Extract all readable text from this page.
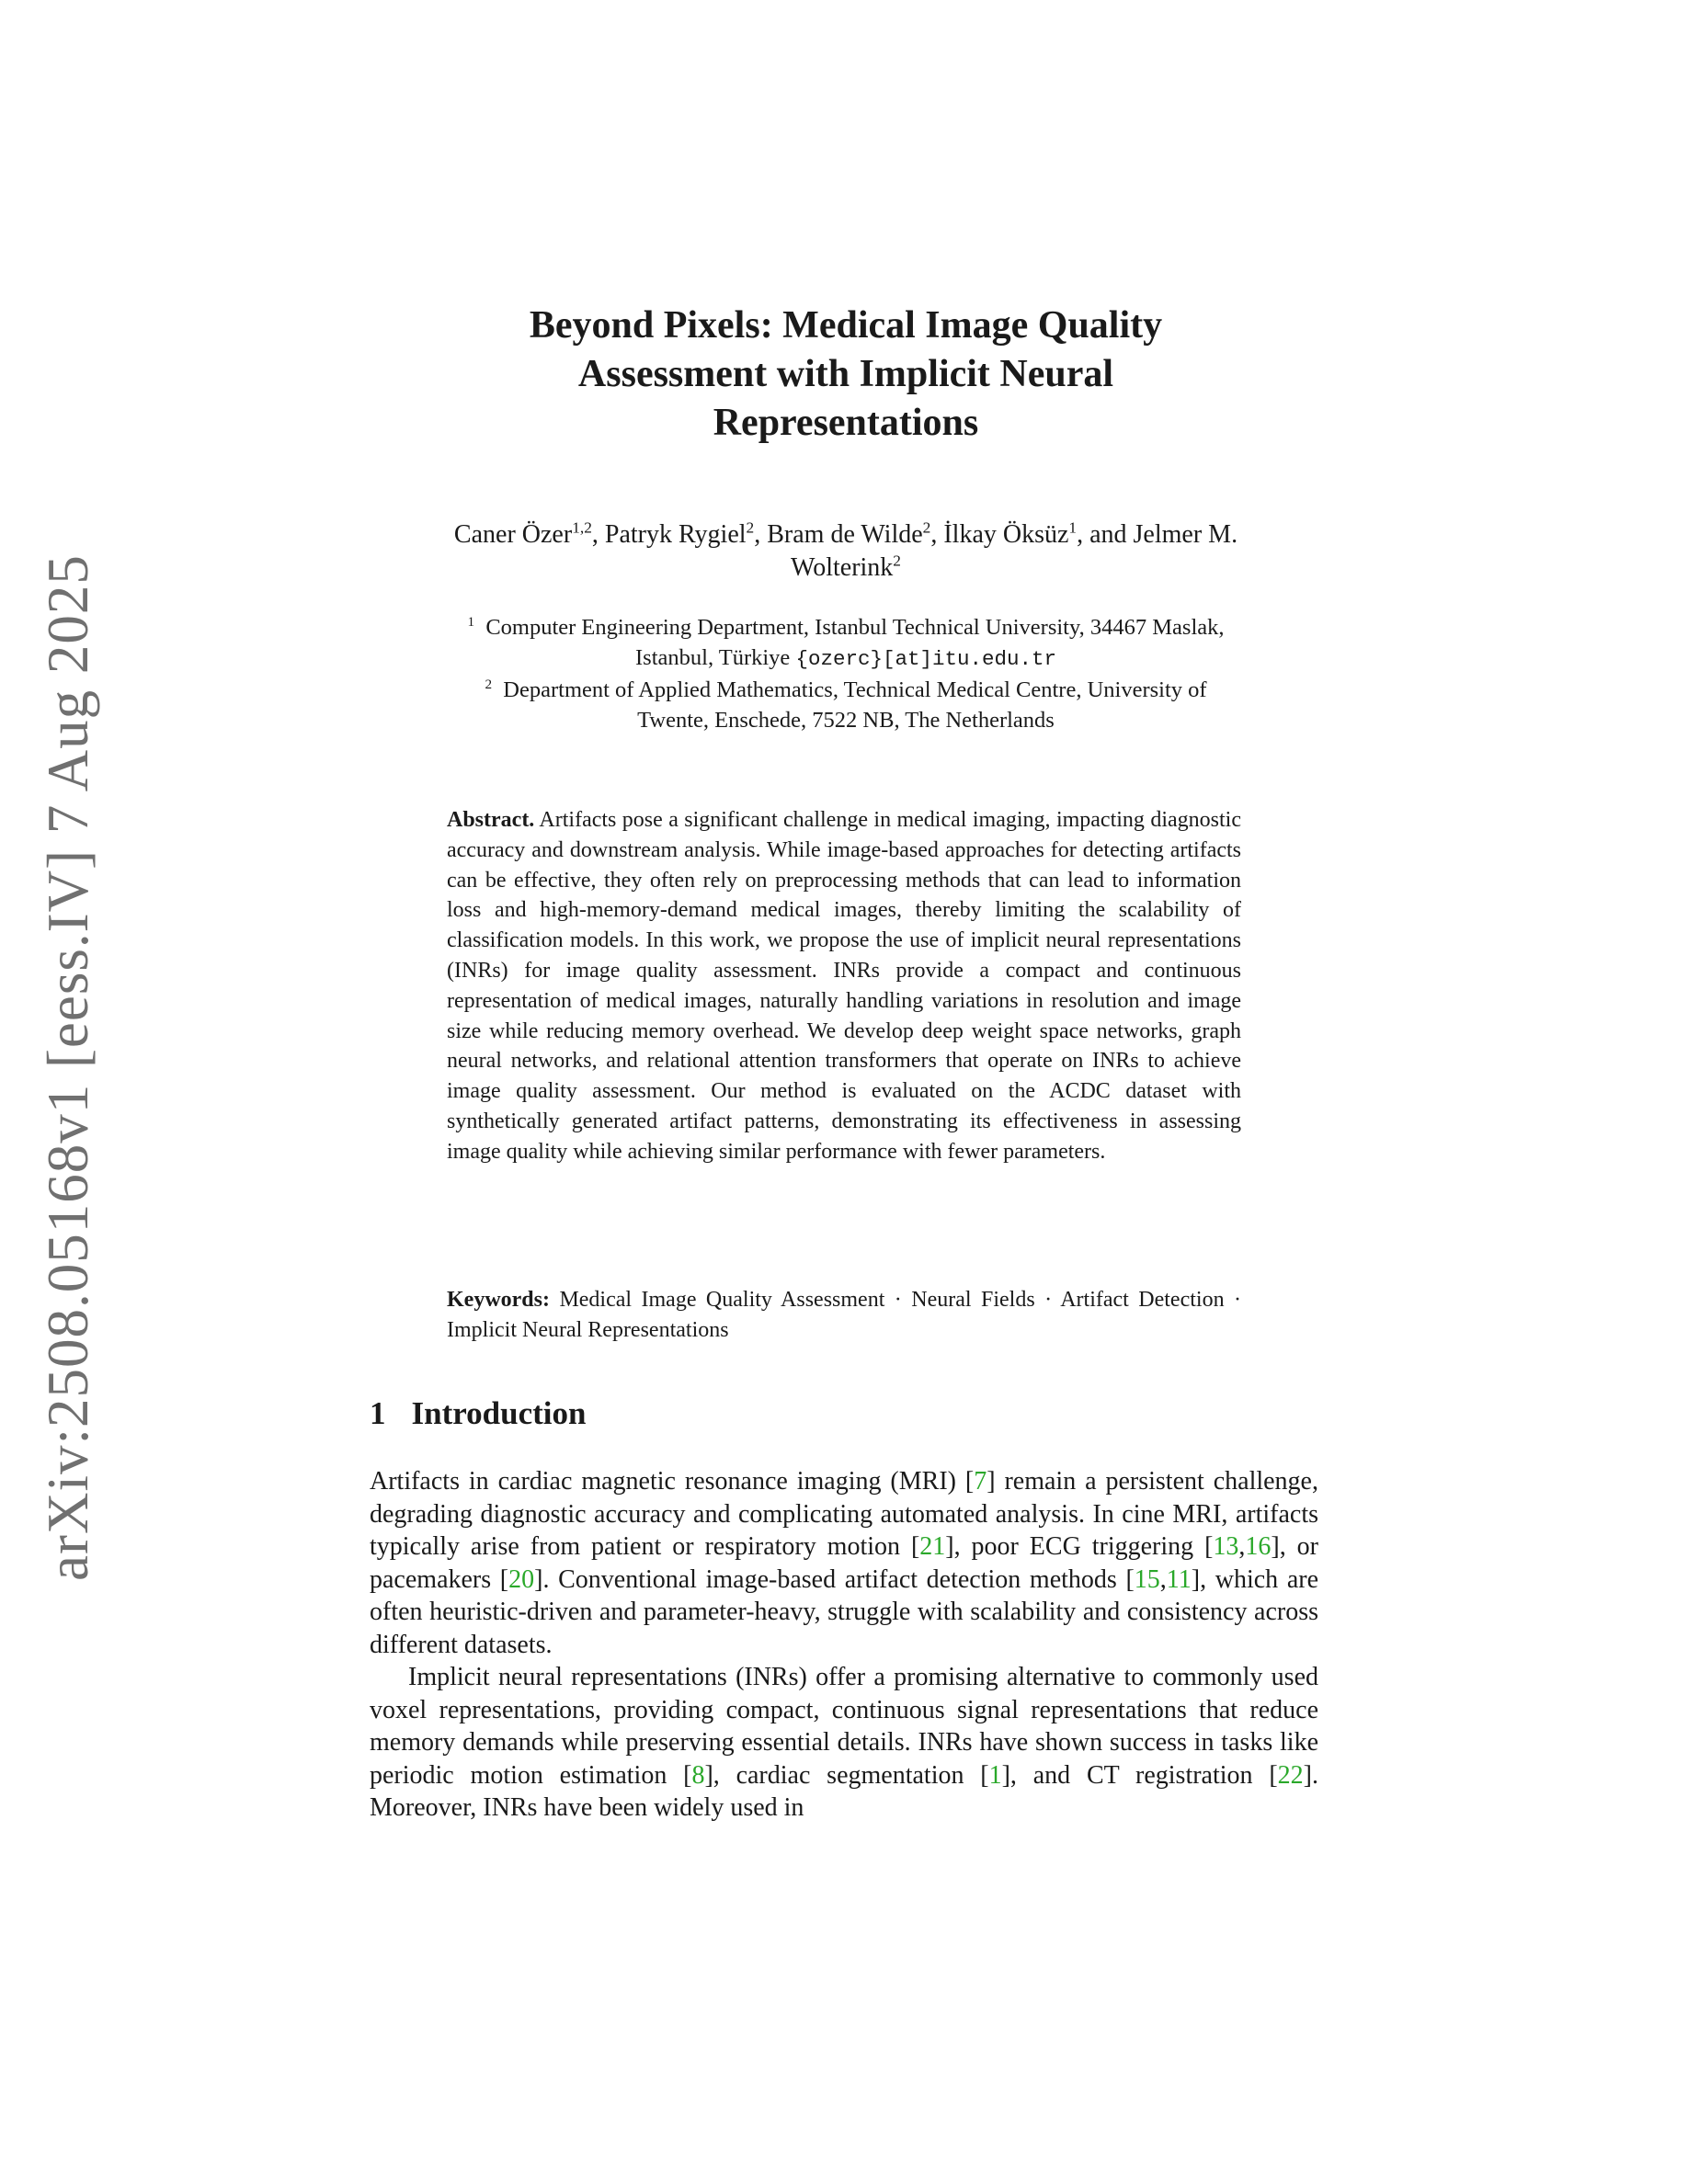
arXiv:2508.05168v1 [eess.IV] 7 Aug 2025
Beyond Pixels: Medical Image Quality
Assessment with Implicit Neural
Representations
Caner Özer$^{1,2}$, Patryk Rygiel$^2$, Bram de Wilde$^2$, İlkay Öksüz$^1$, and Jelmer M.
Wolterink$^2$
$^1$ Computer Engineering Department, Istanbul Technical University, 34467 Maslak,
Istanbul, Türkiye {ozerc}[at]itu.edu.tr
$^2$ Department of Applied Mathematics, Technical Medical Centre, University of
Twente, Enschede, 7522 NB, The Netherlands
Abstract. Artifacts pose a significant challenge in medical imaging, impacting diagnostic accuracy and downstream analysis. While image-based approaches for detecting artifacts can be effective, they often rely on preprocessing methods that can lead to information loss and high-memory-demand medical images, thereby limiting the scalability of classification models. In this work, we propose the use of implicit neural representations (INRs) for image quality assessment. INRs provide a compact and continuous representation of medical images, naturally handling variations in resolution and image size while reducing memory overhead. We develop deep weight space networks, graph neural networks, and relational attention transformers that operate on INRs to achieve image quality assessment. Our method is evaluated on the ACDC dataset with synthetically generated artifact patterns, demonstrating its effectiveness in assessing image quality while achieving similar performance with fewer parameters.
Keywords: Medical Image Quality Assessment · Neural Fields · Artifact Detection · Implicit Neural Representations
1 Introduction

Artifacts in cardiac magnetic resonance imaging (MRI) [7] remain a persistent challenge, degrading diagnostic accuracy and complicating automated analysis. In cine MRI, artifacts typically arise from patient or respiratory motion [21], poor ECG triggering [13,16], or pacemakers [20]. Conventional image-based artifact detection methods [15,11], which are often heuristic-driven and parameter-heavy, struggle with scalability and consistency across different datasets.

Implicit neural representations (INRs) offer a promising alternative to commonly used voxel representations, providing compact, continuous signal representations that reduce memory demands while preserving essential details. INRs have shown success in tasks like periodic motion estimation [8], cardiac segmentation [1], and CT registration [22]. Moreover, INRs have been widely used in
